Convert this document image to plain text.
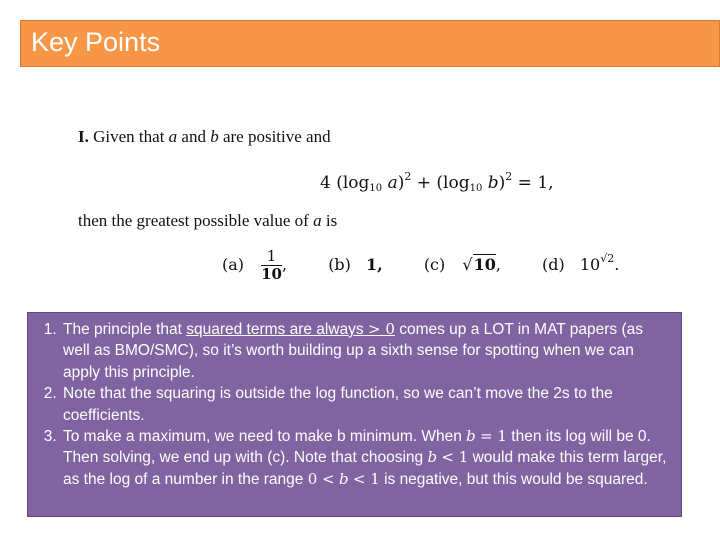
Key Points
I. Given that a and b are positive and
4 ($\log_{10}$ $a)^2 + (\log_{10}$ b)$^2$ = 1,
then the greatest possible value of a is
$(a) \frac{1}{10}$ ,	(b) 1,	(c) √10,	(d) $10^{√2}$.
1. The principle that squared terms are always > 0 comes up a LOT in MAT papers (as well as BMO/SMC), so it’s worth building up a sixth sense for spotting when we can apply this principle.
2. Note that the squaring is outside the log function, so we can’t move the 2s to the coefficients.
3. To make a maximum, we need to make b minimum. When b = 1 then its log will be 0. Then solving, we end up with (c). Note that choosing b < 1 would make this term larger, as the log of a number in the range 0 < b < 1 is negative, but this would be squared.
